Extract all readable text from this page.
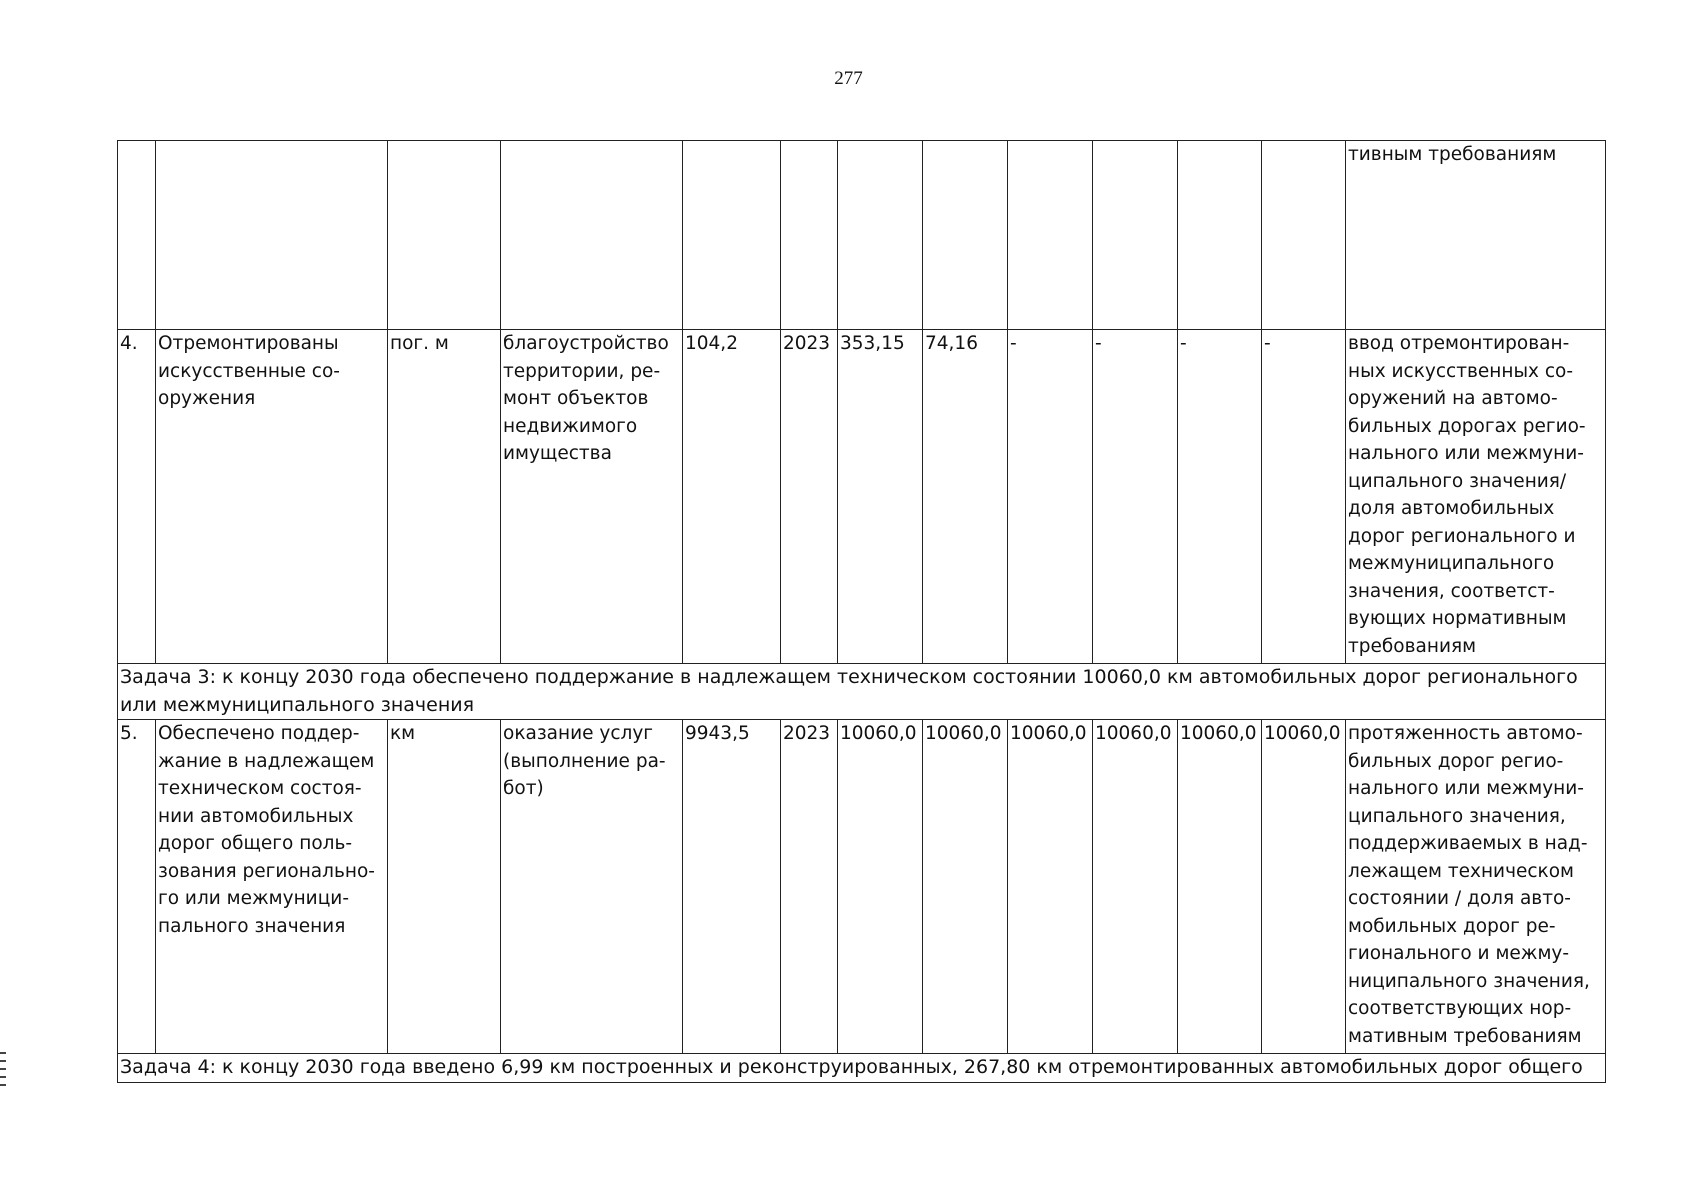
277
												тивным требованиям
4.	Отремонтированы искусственные со-оружения	пог. м	благоустройство территории, ре-монт объектов недвижимого имущества	104,2	2023	353,15	74,16	-	-	-	-	ввод отремонтирован-ных искусственных со-оружений на автомо-бильных дорогах регио-нального или межмуни-ципального значения/ доля автомобильных дорог регионального и межмуниципального значения, соответст-вующих нормативным требованиям
Задача 3: к концу 2030 года обеспечено поддержание в надлежащем техническом состоянии 10060,0 км автомобильных дорог регионального или межмуниципального значения												
5.	Обеспечено поддер-жание в надлежащем техническом состоя-нии автомобильных дорог общего поль-зования регионально-го или межмуници-пального значения	км	оказание услуг (выполнение ра-бот)	9943,5	2023	10060,0	10060,0	10060,0	10060,0	10060,0	10060,0	протяженность автомо-бильных дорог регио-нального или межмуни-ципального значения, поддерживаемых в над-лежащем техническом состоянии / доля авто-мобильных дорог ре-гионального и межму-ниципального значения, соответствующих нор-мативным требованиям
Задача 4: к концу 2030 года введено 6,99 км построенных и реконструированных, 267,80 км отремонтированных автомобильных дорог общего												
